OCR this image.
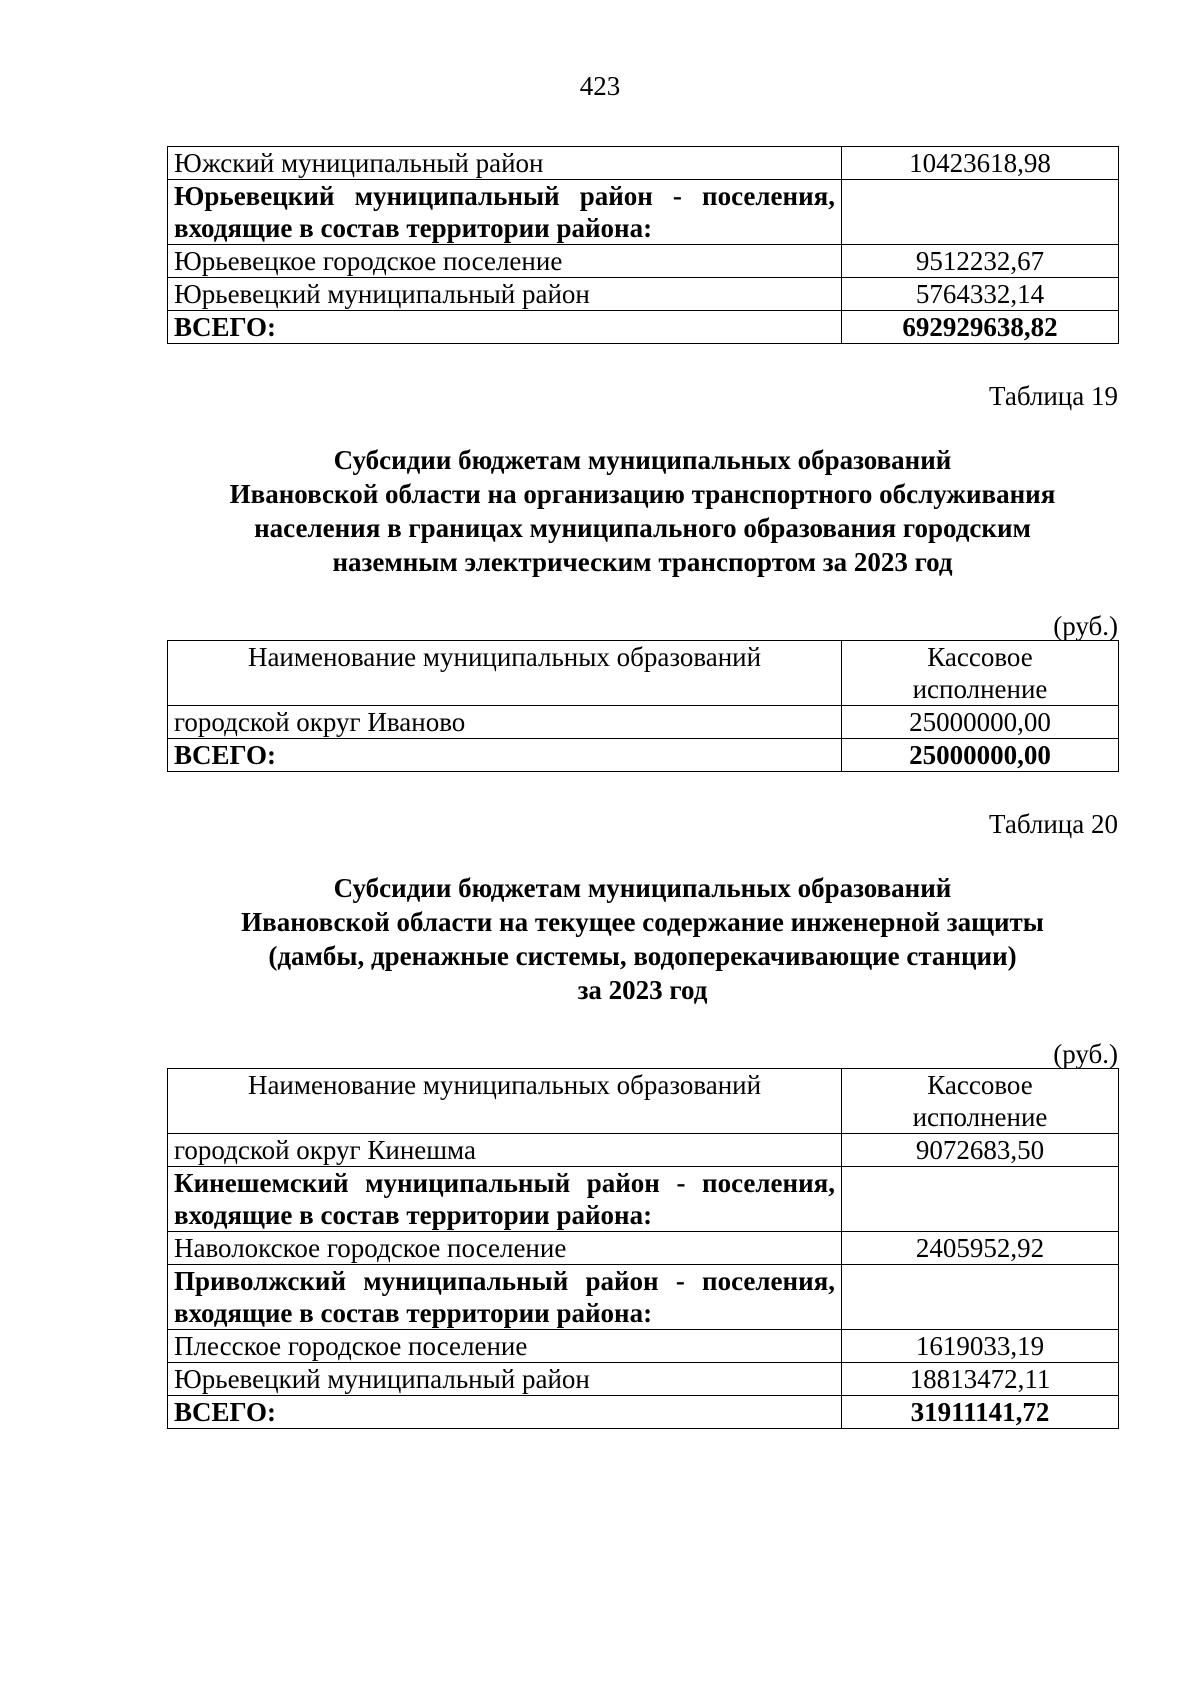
423
Южский муниципальный район	10423618,98
Юрьевецкий муниципальный район - поселения,
входящие в состав территории района:	

Юрьевецкое городское поселение	9512232,67
Юрьевецкий муниципальный район	5764332,14
ВСЕГО:	692929638,82
Таблица 19
Субсидии бюджетам муниципальных образований
Ивановской области на организацию транспортного обслуживания
населения в границах муниципального образования городским
наземным электрическим транспортом за 2023 год
(руб.)
Наименование муниципальных образований	Кассовое
исполнение
городской округ Иваново	25000000,00
ВСЕГО:	25000000,00
Таблица 20
Субсидии бюджетам муниципальных образований
Ивановской области на текущее содержание инженерной защиты
(дамбы, дренажные системы, водоперекачивающие станции)
за 2023 год
(руб.)
Наименование муниципальных образований	Кассовое
исполнение
городской округ Кинешма	9072683,50
Кинешемский муниципальный район - поселения,
входящие в состав территории района:	

Наволокское городское поселение	2405952,92
Приволжский муниципальный район - поселения,
входящие в состав территории района:	

Плесское городское поселение	1619033,19
Юрьевецкий муниципальный район	18813472,11
ВСЕГО:	31911141,72
